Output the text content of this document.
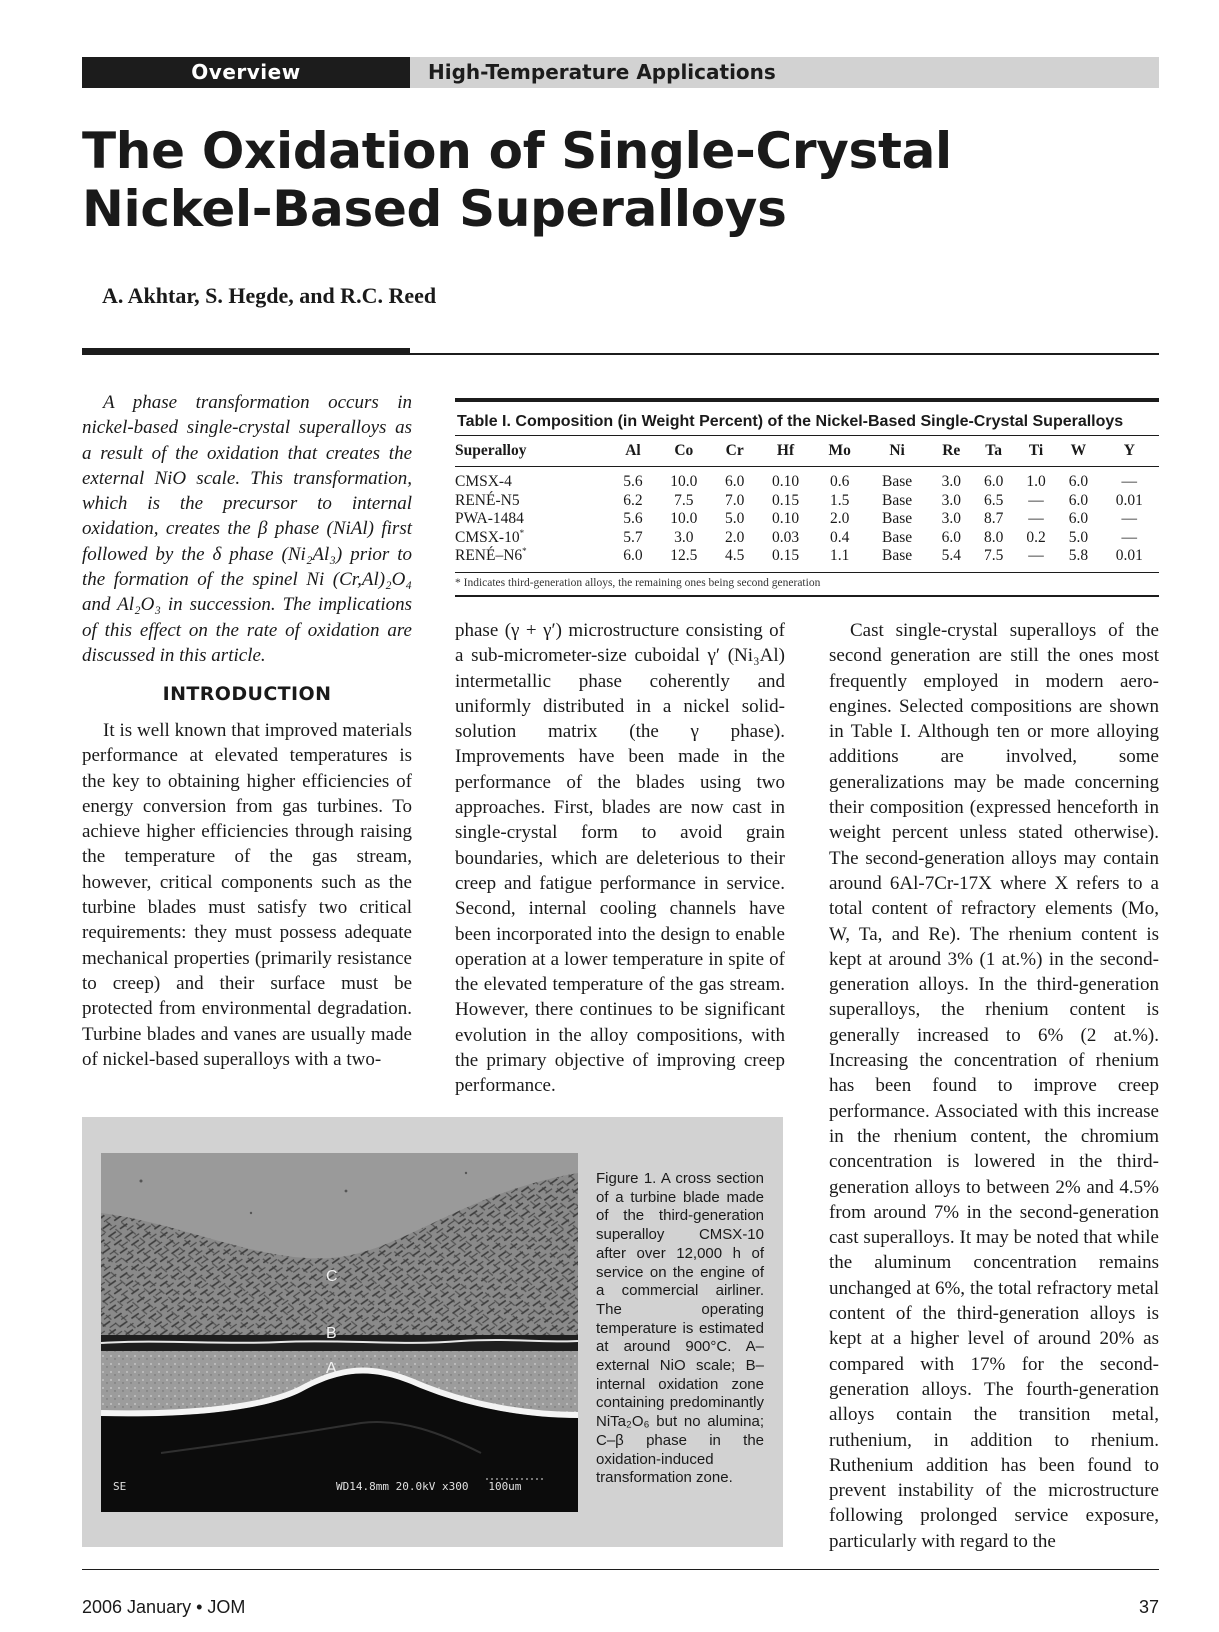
Overview	High-Temperature Applications
The Oxidation of Single-Crystal
Nickel-Based Superalloys
A. Akhtar, S. Hegde, and R.C. Reed

A phase transformation occurs in nickel-based single-crystal superalloys as a result of the oxidation that creates the external NiO scale. This transformation, which is the precursor to internal oxidation, creates the β phase (NiAl) first followed by the δ phase (Ni₂Al₃) prior to the formation of the spinel Ni (Cr,Al)₂O₄ and Al₂O₃ in succession. The implications of this effect on the rate of oxidation are discussed in this article.

INTRODUCTION

It is well known that improved materials performance at elevated temperatures is the key to obtaining higher efficiencies of energy conversion from gas turbines. To achieve higher efficiencies through raising the temperature of the gas stream, however, critical components such as the turbine blades must satisfy two critical requirements: they must possess adequate mechanical properties (primarily resistance to creep) and their surface must be protected from environmental degradation. Turbine blades and vanes are usually made of nickel-based superalloys with a two-

phase (γ + γ′) microstructure consisting of a sub-micrometer-size cuboidal γ′ (Ni₃Al) intermetallic phase coherently and uniformly distributed in a nickel solid-solution matrix (the γ phase). Improvements have been made in the performance of the blades using two approaches. First, blades are now cast in single-crystal form to avoid grain boundaries, which are deleterious to their creep and fatigue performance in service. Second, internal cooling channels have been incorporated into the design to enable operation at a lower temperature in spite of the elevated temperature of the gas stream. However, there continues to be significant evolution in the alloy compositions, with the primary objective of improving creep performance.

Cast single-crystal superalloys of the second generation are still the ones most frequently employed in modern aero-engines. Selected compositions are shown in Table I. Although ten or more alloying additions are involved, some generalizations may be made concerning their composition (expressed henceforth in weight percent unless stated otherwise). The second-generation alloys may contain around 6Al-7Cr-17X where X refers to a total content of refractory elements (Mo, W, Ta, and Re). The rhenium content is kept at around 3% (1 at.%) in the second-generation alloys. In the third-generation superalloys, the rhenium content is generally increased to 6% (2 at.%). Increasing the concentration of rhenium has been found to improve creep performance. Associated with this increase in the rhenium content, the chromium concentration is lowered in the third-generation alloys to between 2% and 4.5% from around 7% in the second-generation cast superalloys. It may be noted that while the aluminum concentration remains unchanged at 6%, the total refractory metal content of the third-generation alloys is kept at a higher level of around 20% as compared with 17% for the second-generation alloys. The fourth-generation alloys contain the transition metal, ruthenium, in addition to rhenium. Ruthenium addition has been found to prevent instability of the microstructure following prolonged service exposure, particularly with regard to the

Table I. Composition (in Weight Percent) of the Nickel-Based Single-Crystal Superalloys
Superalloy	Al	Co	Cr	Hf	Mo	Ni	Re	Ta	Ti	W	Y
CMSX-4	5.6	10.0	6.0	0.10	0.6	Base	3.0	6.0	1.0	6.0	—
RENÉ-N5	6.2	7.5	7.0	0.15	1.5	Base	3.0	6.5	—	6.0	0.01
PWA-1484	5.6	10.0	5.0	0.10	2.0	Base	3.0	8.7	—	6.0	—
CMSX-10*	5.7	3.0	2.0	0.03	0.4	Base	6.0	8.0	0.2	5.0	—
RENÉ–N6*	6.0	12.5	4.5	0.15	1.1	Base	5.4	7.5	—	5.8	0.01
* Indicates third-generation alloys, the remaining ones being second generation
C
B
A
SE	WD14.8mm 20.0kV x300   100um
Figure 1. A cross section of a turbine blade made of the third-generation superalloy CMSX-10 after over 12,000 h of service on the engine of a commercial airliner. The operating temperature is estimated at around 900°C. A–external NiO scale; B–internal oxidation zone containing predominantly NiTa₂O₆ but no alumina; C–β phase in the oxidation-induced transformation zone.
2006 January • JOM	37
